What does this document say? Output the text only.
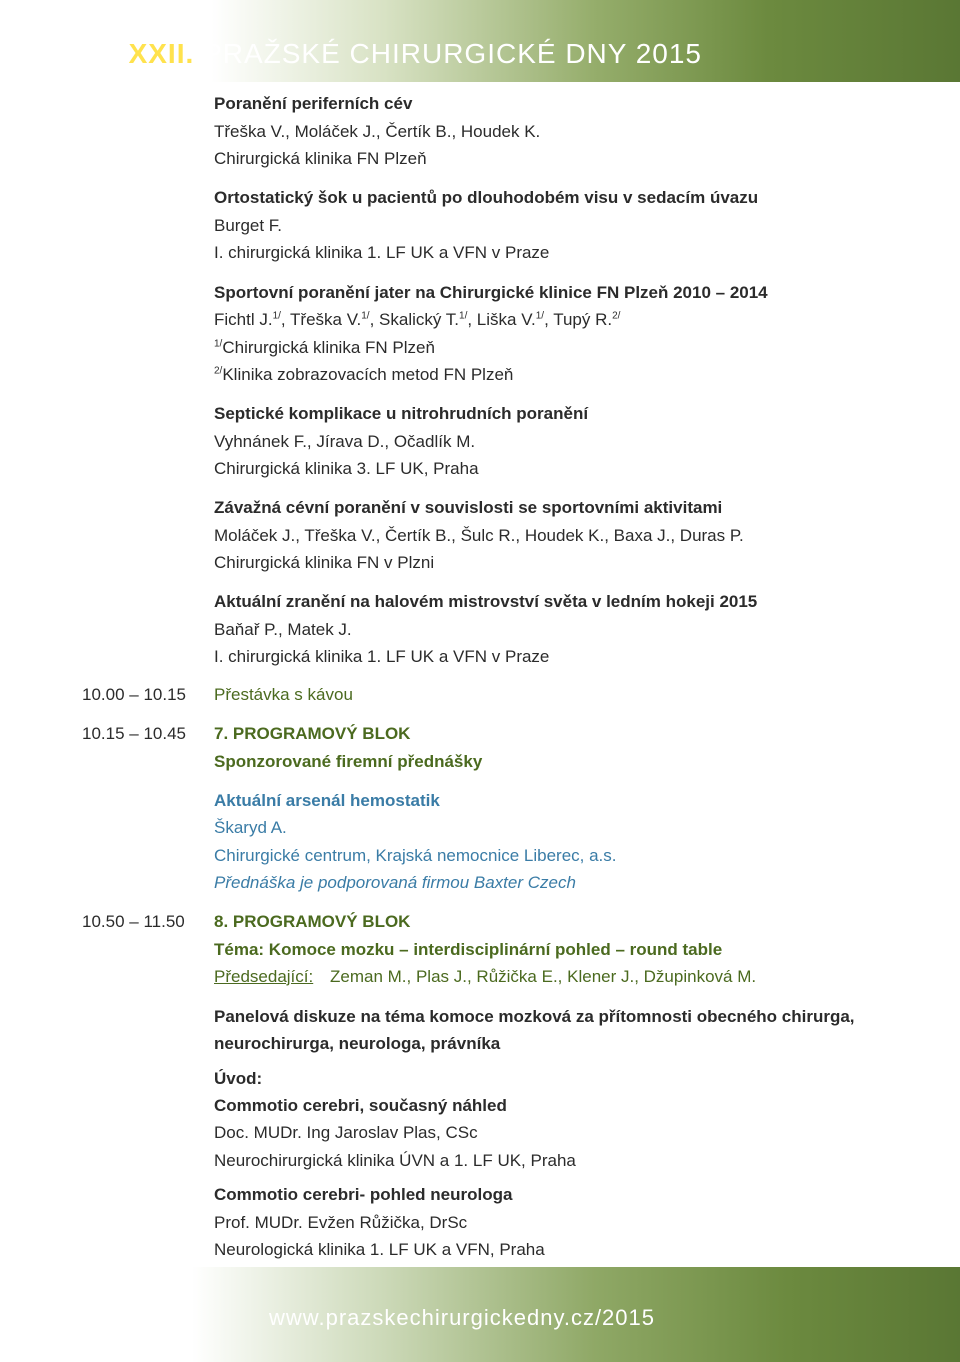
XXII. PRAŽSKÉ CHIRURGICKÉ DNY 2015
Poranění periferních cév
Třeška V., Moláček J., Čertík B., Houdek K.
Chirurgická klinika FN Plzeň
Ortostatický šok u pacientů po dlouhodobém visu v sedacím úvazu
Burget F.
I. chirurgická klinika 1. LF UK a VFN v Praze
Sportovní poranění jater na Chirurgické klinice FN Plzeň 2010 – 2014
Fichtl J.$^{1/}$, Třeška V.$^{1/}$, Skalický T.$^{1/}$, Liška V.$^{1/}$, Tupý R.$^{2/}$
$^{1/}$Chirurgická klinika FN Plzeň
$^{2/}$Klinika zobrazovacích metod FN Plzeň
Septické komplikace u nitrohrudních poranění
Vyhnánek F., Jírava D., Očadlík M.
Chirurgická klinika 3. LF UK, Praha
Závažná cévní poranění v souvislosti se sportovními aktivitami
Moláček J., Třeška V., Čertík B., Šulc R., Houdek K., Baxa J., Duras P.
Chirurgická klinika FN v Plzni
Aktuální zranění na halovém mistrovství světa v ledním hokeji 2015
Baňař P., Matek J.
I. chirurgická klinika 1. LF UK a VFN v Praze
10.00 – 10.15 Přestávka s kávou
10.15 – 10.45 7. PROGRAMOVÝ BLOK
Sponzorované firemní přednášky
Aktuální arsenál hemostatik
Škaryd A.
Chirurgické centrum, Krajská nemocnice Liberec, a.s.
Přednáška je podporovaná firmou Baxter Czech
10.50 – 11.50 8. PROGRAMOVÝ BLOK
Téma: Komoce mozku – interdisciplinární pohled – round table
Předsedající: Zeman M., Plas J., Růžička E., Klener J., Džupinková M.
Panelová diskuze na téma komoce mozková za přítomnosti obecného chirurga,
neurochirurga, neurologa, právníka
Úvod:
Commotio cerebri, současný náhled
Doc. MUDr. Ing Jaroslav Plas, CSc
Neurochirurgická klinika ÚVN a 1. LF UK, Praha
Commotio cerebri- pohled neurologa
Prof. MUDr. Evžen Růžička, DrSc
Neurologická klinika 1. LF UK a VFN, Praha
www.prazskechirurgickedny.cz/2015
